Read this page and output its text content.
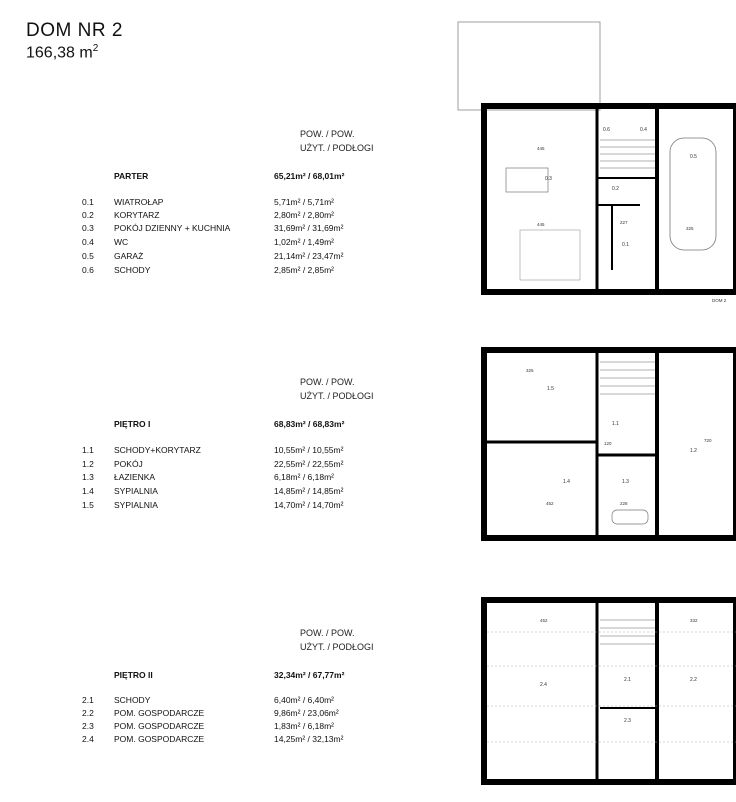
DOM NR 2
166,38 $m^2$
POW. / POW.
UŻYT. / PODŁOGI
PARTER	65,21m² / 68,01m²
0.1 WIATROŁAP	5,71m² / 5,71m²
0.2 KORYTARZ	2,80m² / 2,80m²
0.3 POKÓJ DZIENNY + KUCHNIA	31,69m² / 31,69m²
0.4 WC	1,02m² / 1,49m²
0.5 GARAŻ	21,14m² / 23,47m²
0.6 SCHODY	2,85m² / 2,85m²
POW. / POW.
UŻYT. / PODŁOGI
PIĘTRO I	68,83m² / 68,83m²
1.1 SCHODY+KORYTARZ	10,55m² / 10,55m²
1.2 POKÓJ	22,55m² / 22,55m²
1.3 ŁAZIENKA	6,18m² / 6,18m²
1.4 SYPIALNIA	14,85m² / 14,85m²
1.5 SYPIALNIA	14,70m² / 14,70m²
POW. / POW.
UŻYT. / PODŁOGI
PIĘTRO II	32,34m² / 67,77m²
2.1 SCHODY	6,40m² / 6,40m²
2.2 POM. GOSPODARCZE	9,86m² / 23,06m²
2.3 POM. GOSPODARCZE	1,83m² / 6,18m²
2.4 POM. GOSPODARCZE	14,25m² / 32,13m²
0.3
0.2
0.1
0.6
0.5
0.4
445
445
325
227
DOM 2
1.5
1.1
1.2
1.4	1.3
325
452
120
720
228
2.4
2.1	2.2
2.3
452	332
